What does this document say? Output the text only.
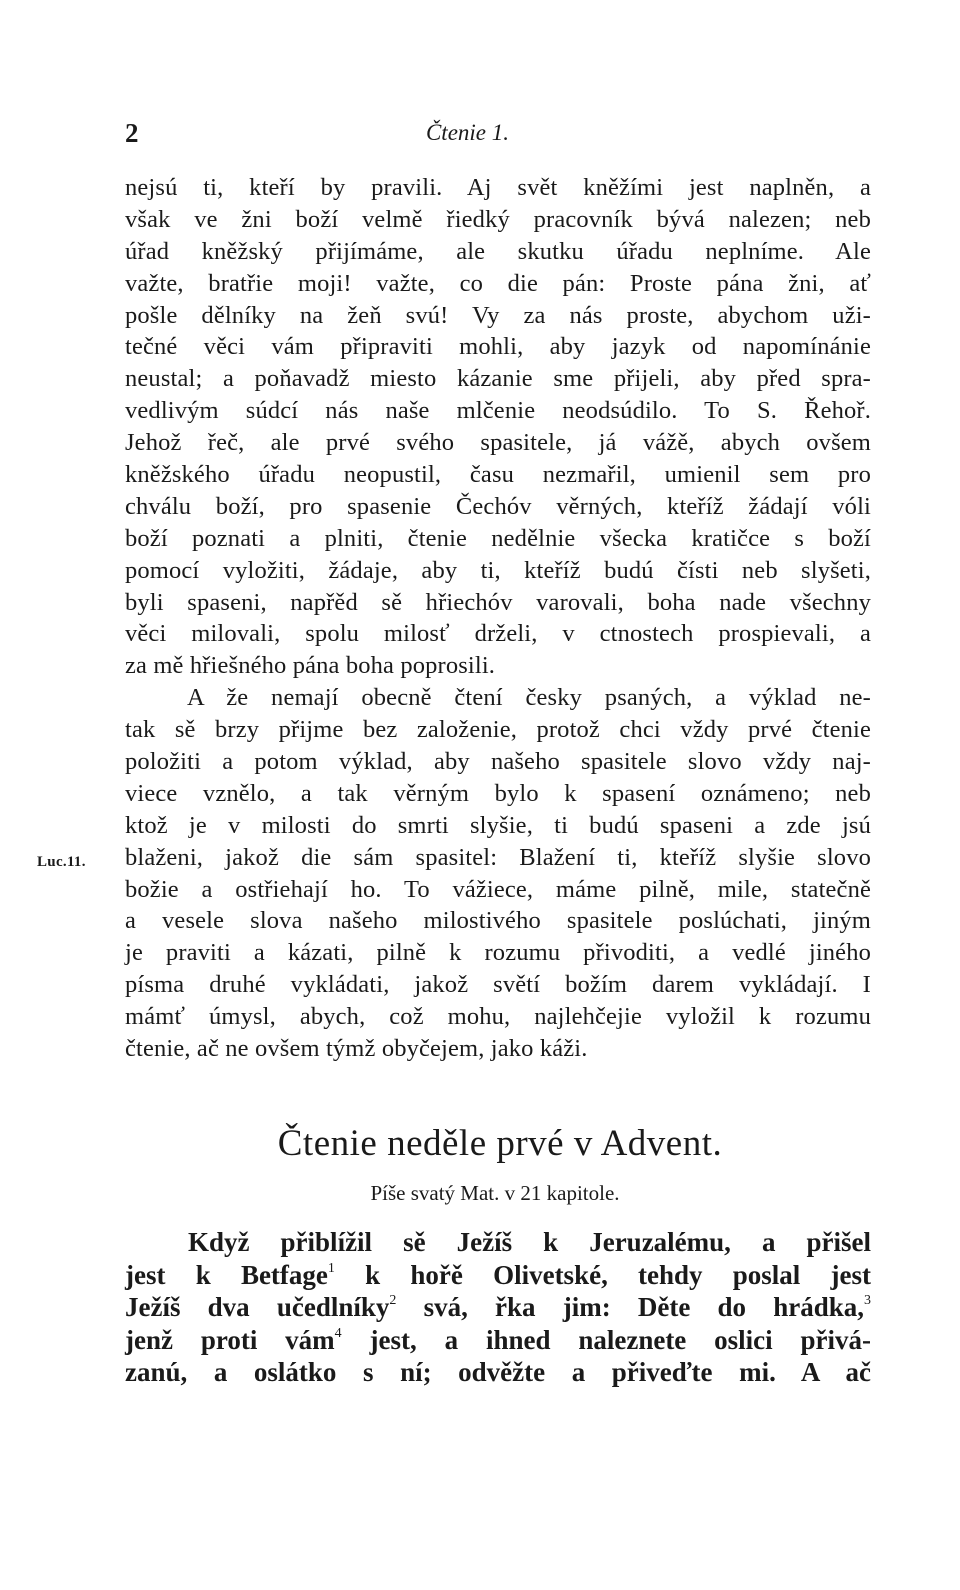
2	Čtenie 1.
Luc.11.
nejsú ti, kteří by pravili. Aj svět kněžími jest naplněn, a
však ve žni boží velmě řiedký pracovník bývá nalezen; neb
úřad kněžský přijímáme, ale skutku úřadu neplníme. Ale
važte, bratřie moji! važte, co die pán: Proste pána žni, ať
pošle dělníky na žeň svú! Vy za nás proste, abychom uži-
tečné věci vám připraviti mohli, aby jazyk od napomínánie
neustal; a poňavadž miesto kázanie sme přijeli, aby před spra-
vedlivým súdcí nás naše mlčenie neodsúdilo. To S. Řehoř.
Jehož řeč, ale prvé svého spasitele, já vážě, abych ovšem
kněžského úřadu neopustil, času nezmařil, umienil sem pro
chválu boží, pro spasenie Čechóv věrných, kteříž žádají vóli
boží poznati a plniti, čtenie nedělnie všecka kratičce s boží
pomocí vyložiti, žádaje, aby ti, kteříž budú čísti neb slyšeti,
byli spaseni, napřěd sě hřiechóv varovali, boha nade všechny
věci milovali, spolu milosť drželi, v ctnostech prospievali, a
za mě hřiešného pána boha poprosili.
A že nemají obecně čtení česky psaných, a výklad ne-
tak sě brzy přijme bez založenie, protož chci vždy prvé čtenie
položiti a potom výklad, aby našeho spasitele slovo vždy naj-
viece vznělo, a tak věrným bylo k spasení oznámeno; neb
ktož je v milosti do smrti slyšie, ti budú spaseni a zde jsú
blaženi, jakož die sám spasitel: Blažení ti, kteříž slyšie slovo
božie a ostřiehají ho. To vážiece, máme pilně, mile, statečně
a vesele slova našeho milostivého spasitele poslúchati, jiným
je praviti a kázati, pilně k rozumu přivoditi, a vedlé jiného
písma druhé vykládati, jakož světí božím darem vykládají. I
mámť úmysl, abych, což mohu, najlehčejie vyložil k rozumu
čtenie, ač ne ovšem týmž obyčejem, jako káži.
Čtenie neděle prvé v Advent.
Píše svatý Mat. v 21 kapitole.
Když přiblížil sě Ježíš k Jeruzalému, a přišel
jest k Betfage$^1$ k hořě Olivetské, tehdy poslal jest
Ježíš dva učedlníky$^2$ svá, řka jim: Děte do hrádka,$^3$
jenž proti vám$^4$ jest, a ihned naleznete oslici přivá-
zanú, a oslátko s ní; odvěžte a přiveďte mi. A ač
